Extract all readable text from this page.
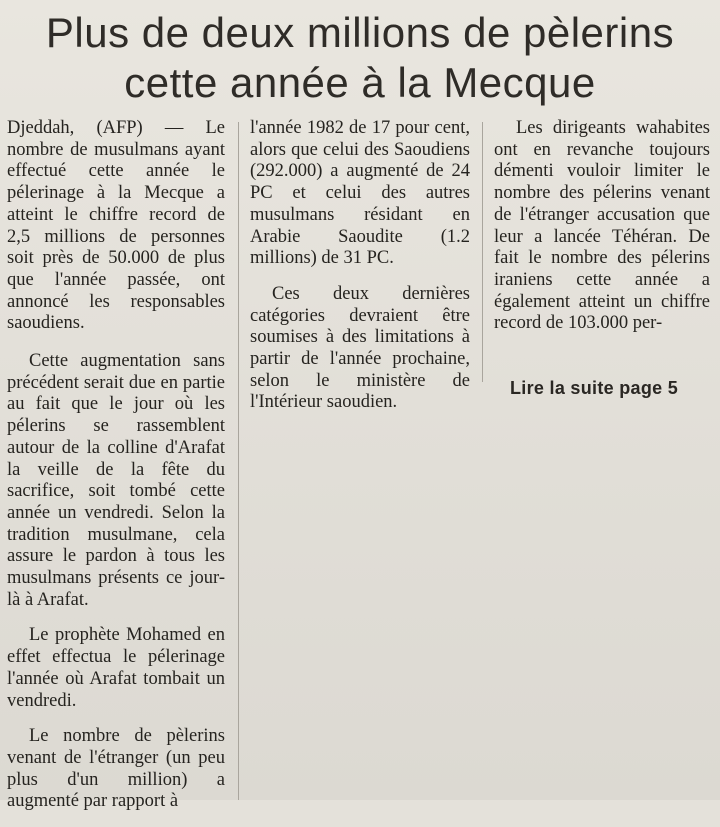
Plus de deux millions de pèlerins
cette année à la Mecque

Djeddah, (AFP) — Le nombre de musulmans ayant effectué cette année le pélerinage à la Mecque a atteint le chiffre record de 2,5 millions de personnes soit près de 50.000 de plus que l'année passée, ont annoncé les responsables saoudiens.

Cette augmentation sans précédent serait due en partie au fait que le jour où les pélerins se rassemblent autour de la colline d'Arafat la veille de la fête du sacrifice, soit tombé cette année un vendredi. Selon la tradition musulmane, cela assure le pardon à tous les musulmans présents ce jour-là à Arafat.

Le prophète Mohamed en effet effectua le pélerinage l'année où Arafat tombait un vendredi.

Le nombre de pèlerins venant de l'étranger (un peu plus d'un million) a augmenté par rapport à

l'année 1982 de 17 pour cent, alors que celui des Saoudiens (292.000) a augmenté de 24 PC et celui des autres musulmans résidant en Arabie Saoudite (1.2 millions) de 31 PC.

Ces deux dernières catégories devraient être soumises à des limitations à partir de l'année prochaine, selon le ministère de l'Intérieur saoudien.

Les dirigeants wahabites ont en revanche toujours démenti vouloir limiter le nombre des pélerins venant de l'étranger accusation que leur a lancée Téhéran. De fait le nombre des pélerins iraniens cette année a également atteint un chiffre record de 103.000 per-

Lire la suite page 5
